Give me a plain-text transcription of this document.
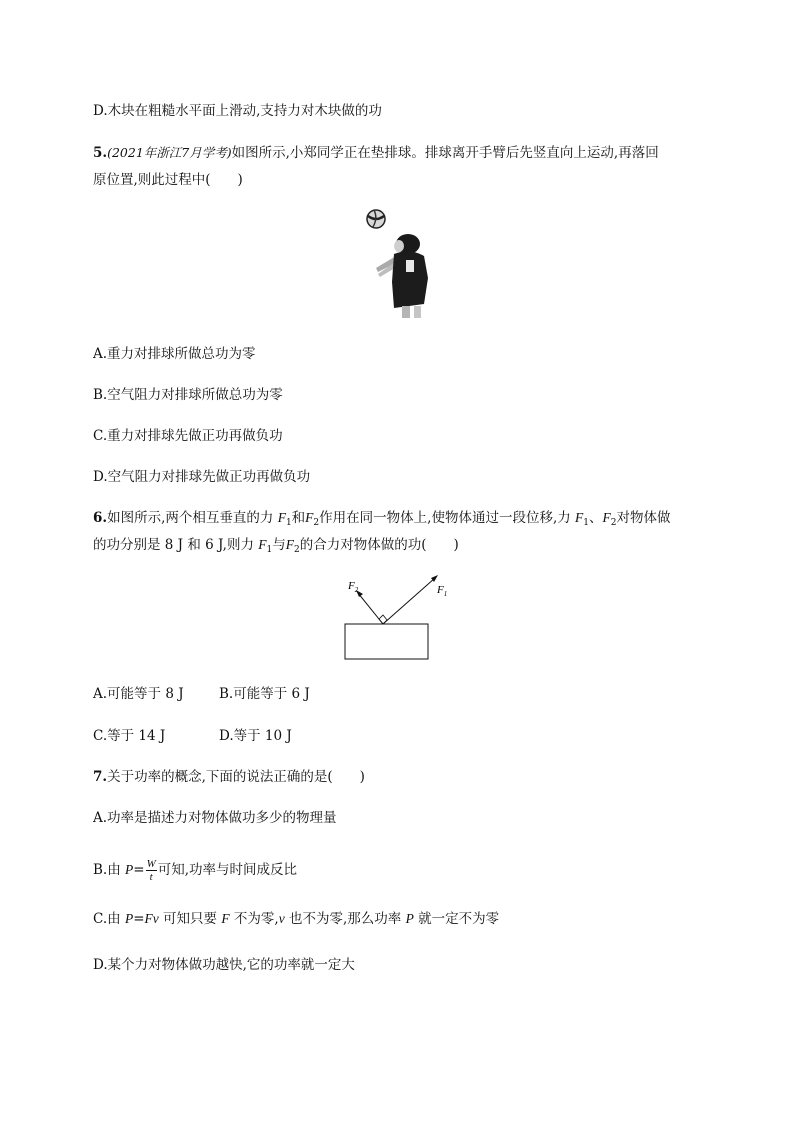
D.木块在粗糙水平面上滑动,支持力对木块做的功
5.(2021年浙江7月学考)如图所示,小郑同学正在垫排球。排球离开手臂后先竖直向上运动,再落回
原位置,则此过程中(　　)
A.重力对排球所做总功为零
B.空气阻力对排球所做总功为零
C.重力对排球先做正功再做负功
D.空气阻力对排球先做正功再做负功
6.如图所示,两个相互垂直的力 $F_1$和$F_2$作用在同一物体上,使物体通过一段位移,力 $F_1$、$F_2$对物体做
的功分别是 8 J 和 6 J,则力 $F_1$与$F_2$的合力对物体做的功(　　)
$F_2$	$F_1$
A.可能等于 8 J	B.可能等于 6 J
C.等于 14 J	D.等于 10 J
7.关于功率的概念,下面的说法正确的是(　　)
A.功率是描述力对物体做功多少的物理量
B.由 $P= \frac{W}{t}$ 可知,功率与时间成反比
C.由 P=Fv 可知只要 F 不为零,v 也不为零,那么功率 P 就一定不为零
D.某个力对物体做功越快,它的功率就一定大
